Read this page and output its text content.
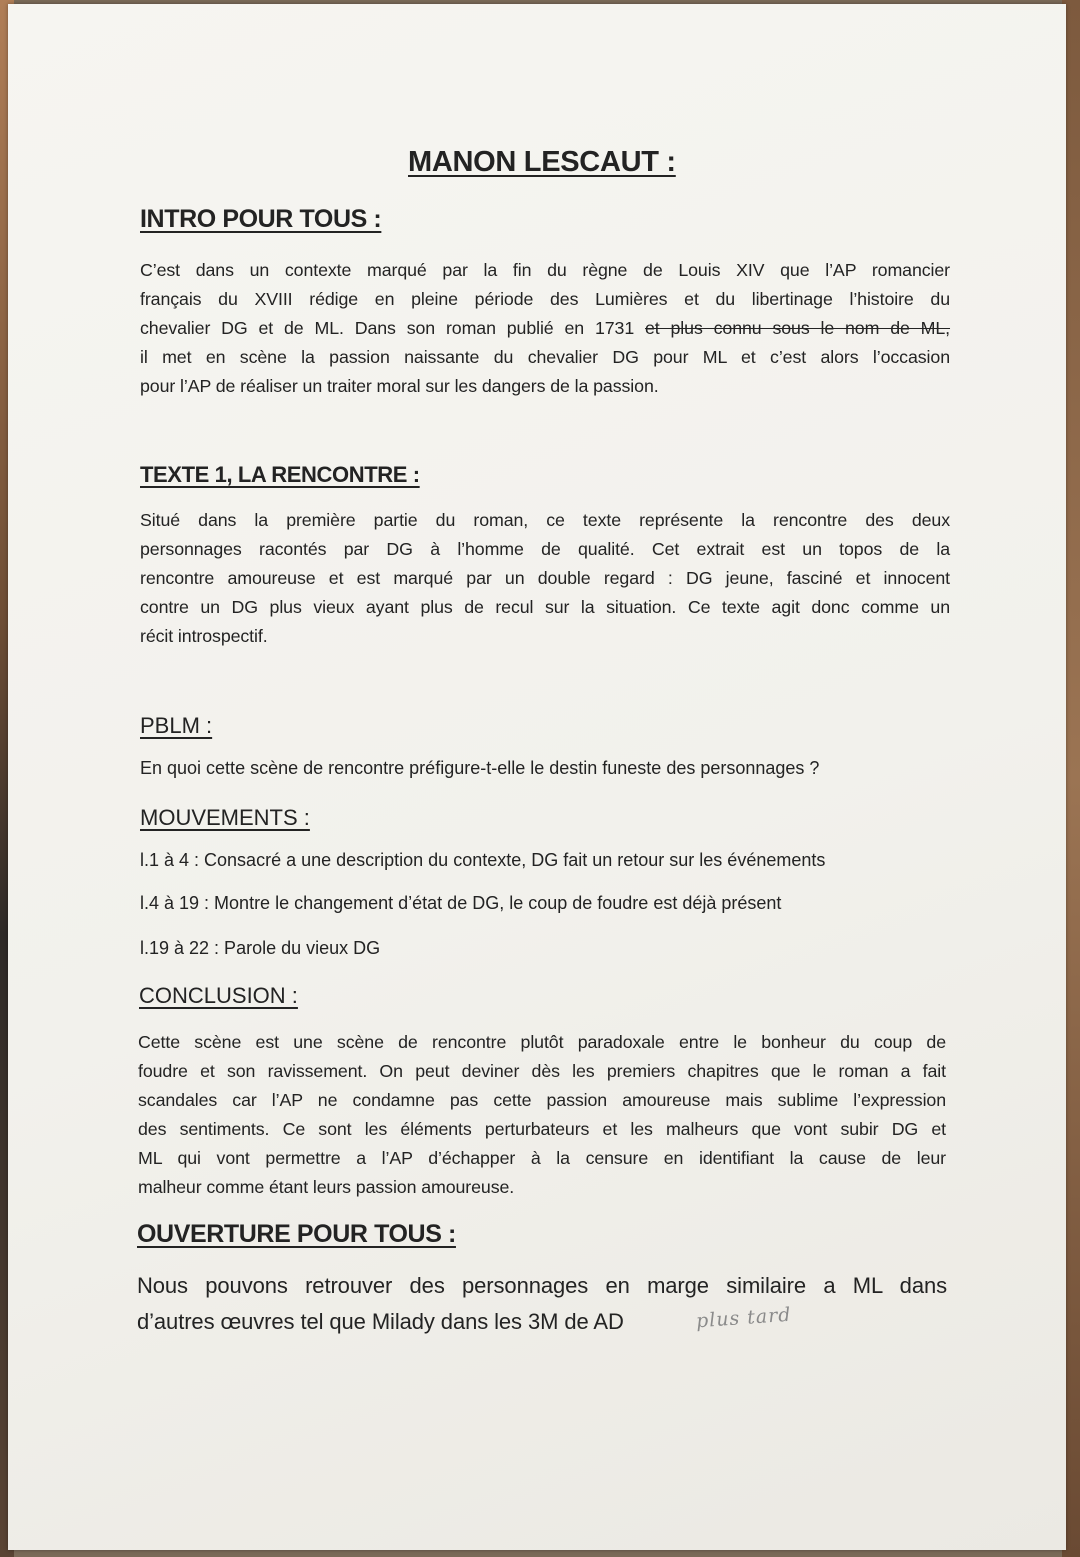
MANON LESCAUT :
INTRO POUR TOUS :
C’est dans un contexte marqué par la fin du règne de Louis XIV que l’AP romancier
français du XVIII rédige en pleine période des Lumières et du libertinage l’histoire du
chevalier DG et de ML. Dans son roman publié en 1731 et plus connu sous le nom de ML,
il met en scène la passion naissante du chevalier DG pour ML et c’est alors l’occasion
pour l’AP de réaliser un traiter moral sur les dangers de la passion.
TEXTE 1, LA RENCONTRE :
Situé dans la première partie du roman, ce texte représente la rencontre des deux
personnages racontés par DG à l’homme de qualité. Cet extrait est un topos de la
rencontre amoureuse et est marqué par un double regard : DG jeune, fasciné et innocent
contre un DG plus vieux ayant plus de recul sur la situation. Ce texte agit donc comme un
récit introspectif.
PBLM :
En quoi cette scène de rencontre préfigure-t-elle le destin funeste des personnages ?
MOUVEMENTS :
l.1 à 4 : Consacré a une description du contexte, DG fait un retour sur les événements
l.4 à 19 : Montre le changement d’état de DG, le coup de foudre est déjà présent
l.19 à 22 : Parole du vieux DG
CONCLUSION :
Cette scène est une scène de rencontre plutôt paradoxale entre le bonheur du coup de
foudre et son ravissement. On peut deviner dès les premiers chapitres que le roman a fait
scandales car l’AP ne condamne pas cette passion amoureuse mais sublime l’expression
des sentiments. Ce sont les éléments perturbateurs et les malheurs que vont subir DG et
ML qui vont permettre a l’AP d’échapper à la censure en identifiant la cause de leur
malheur comme étant leurs passion amoureuse.
OUVERTURE POUR TOUS :
Nous pouvons retrouver des personnages en marge similaire a ML dans
d’autres œuvres tel que Milady dans les 3M de AD	plus tard
